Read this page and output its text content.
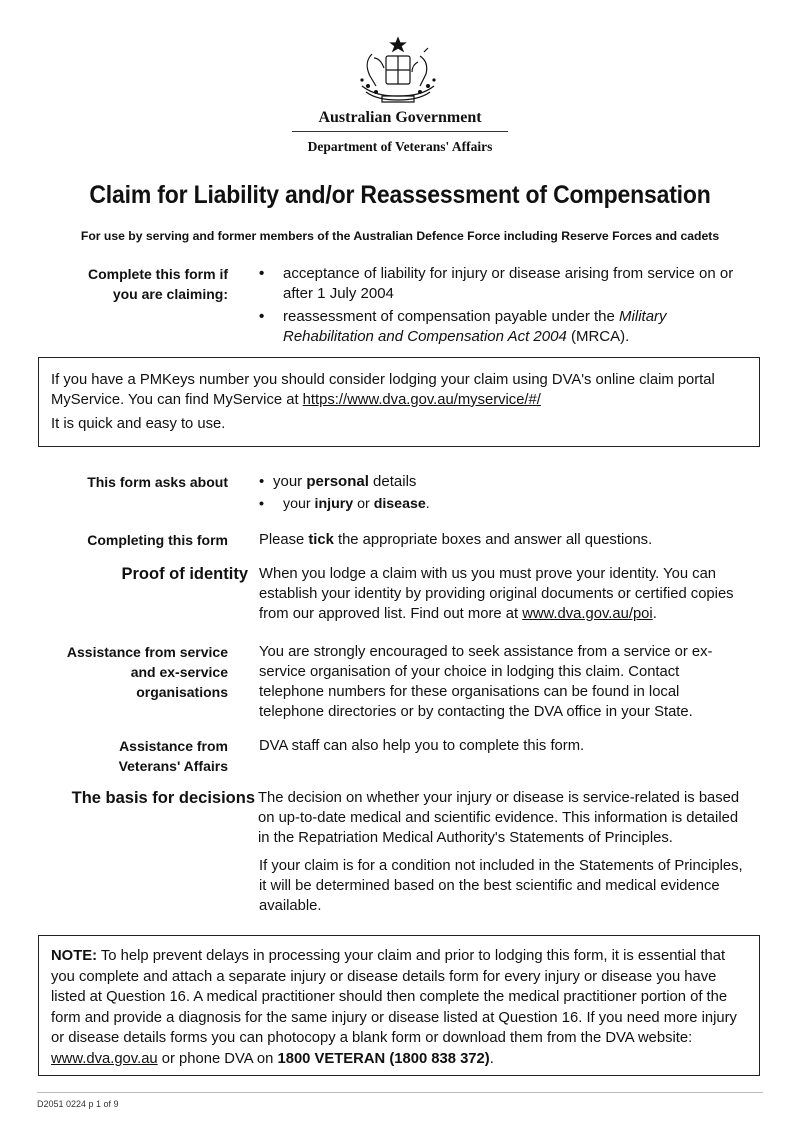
Australian Government
Department of Veterans' Affairs
Claim for Liability and/or Reassessment of Compensation
For use by serving and former members of the Australian Defence Force including Reserve Forces and cadets
Complete this form if
you are claiming:
• acceptance of liability for injury or disease arising from service on or after 1 July 2004
• reassessment of compensation payable under the Military Rehabilitation and Compensation Act 2004 (MRCA).

If you have a PMKeys number you should consider lodging your claim using DVA's online claim portal MyService. You can find MyService at https://www.dva.gov.au/myservice/#/

It is quick and easy to use.

This form asks about • your personal details
• your injury or disease.
Completing this form Please tick the appropriate boxes and answer all questions.
Proof of identity When you lodge a claim with us you must prove your identity. You can establish your identity by providing original documents or certified copies from our approved list. Find out more at www.dva.gov.au/poi.
Assistance from service
and ex-service
organisations
You are strongly encouraged to seek assistance from a service or ex-service organisation of your choice in lodging this claim. Contact telephone numbers for these organisations can be found in local telephone directories or by contacting the DVA office in your State.
Assistance from
Veterans' Affairs
DVA staff can also help you to complete this form.
The basis for decisions The decision on whether your injury or disease is service-related is based on up-to-date medical and scientific evidence. This information is detailed in the Repatriation Medical Authority's Statements of Principles.
If your claim is for a condition not included in the Statements of Principles, it will be determined based on the best scientific and medical evidence available.

NOTE: To help prevent delays in processing your claim and prior to lodging this form, it is essential that you complete and attach a separate injury or disease details form for every injury or disease you have listed at Question 16. A medical practitioner should then complete the medical practitioner portion of the form and provide a diagnosis for the same injury or disease listed at Question 16. If you need more injury or disease details forms you can photocopy a blank form or download them from the DVA website: www.dva.gov.au or phone DVA on 1800 VETERAN (1800 838 372).

D2051 0224 p 1 of 9
